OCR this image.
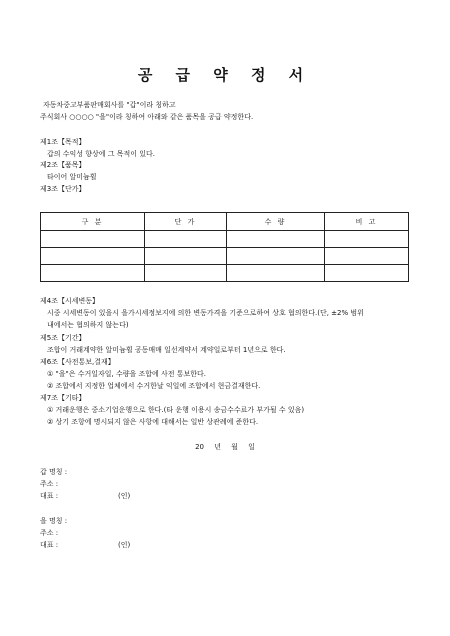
공 급 약 정 서
자동차중고부품판매회사를 "갑"이라 칭하고
주식회사 ○○○○ "을"이라 칭하여 아래와 같은 품목을 공급 약정한다.
제1조【목적】
갑의 수익성 향상에 그 목적이 있다.
제2조【품목】
타이어 알미늄휠
제3조【단가】
구 분	단 가	수 량	비 고

제4조【시세변동】
시중 시세변동이 있을시 을가시세정보지에 의한 변동가격을 기준으로하여 상호 협의한다.(단, ±2% 범위
내에서는 협의하지 않는다)
제5조【기간】
조합이 거래계약한 알미늄휠 공동매매 일선계약서 계약일로부터 1년으로 한다.
제6조【사전통보,결재】
① "을"은 수거일자일, 수량을 조합에 사전 통보한다.
② 조합에서 지정한 업체에서 수거한날 익일에 조합에서 현금결재한다.
제7조【기타】
① 거래운행은 중소기업운행으로 한다.(타 운행 이용시 송금수수료가 부가될 수 있음)
② 상기 조항에 명시되지 않은 사항에 대해서는 일반 상관례에 준한다.
20 년 월 일
갑 명칭 :
주소 :
대표 :	(인)
을 명칭 :
주소 :
대표 :	(인)
